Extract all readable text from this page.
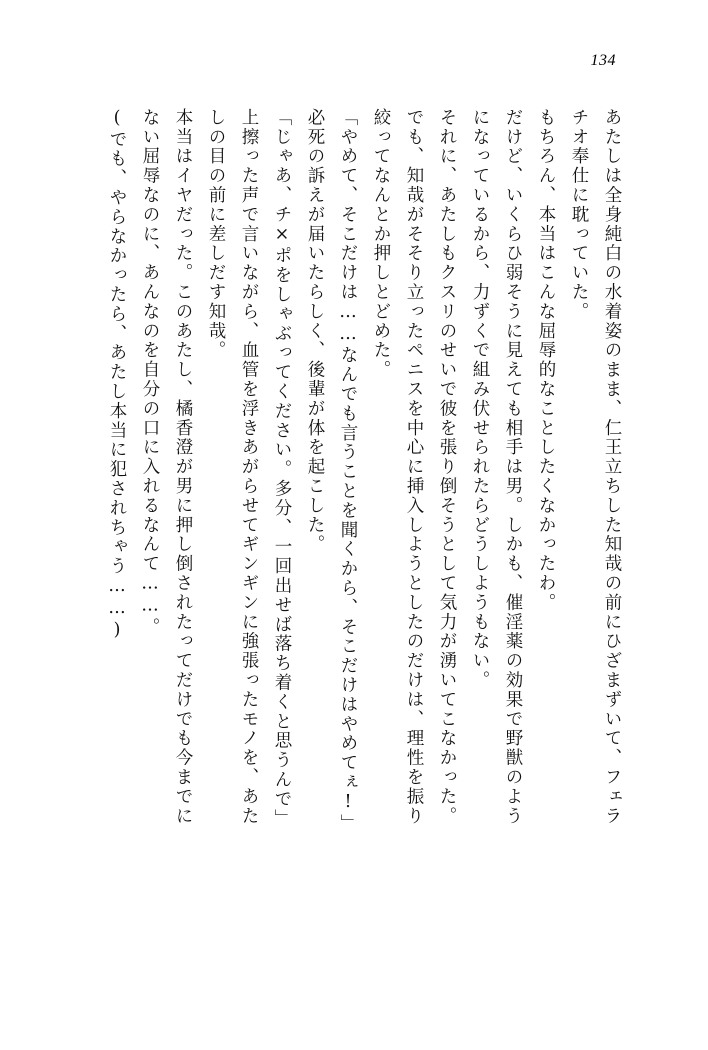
134
あたしは全身純白の水着姿のまま、仁王立ちした知哉の前にひざまずいて、フェラ
チオ奉仕に耽っていた。
もちろん、本当はこんな屈辱的なことしたくなかったわ。
だけど、いくらひ弱そうに見えても相手は男。しかも、催淫薬の効果で野獣のよう
になっているから、力ずくで組み伏せられたらどうしようもない。
それに、あたしもクスリのせいで彼を張り倒そうとして気力が湧いてこなかった。
でも、知哉がそそり立ったペニスを中心に挿入しようとしたのだけは、理性を振り
絞ってなんとか押しとどめた。
「やめて、そこだけは……なんでも言うことを聞くから、そこだけはやめてぇ!」
必死の訴えが届いたらしく、後輩が体を起こした。
「じゃあ、チ×ポをしゃぶってください。多分、一回出せば落ち着くと思うんで」
上擦った声で言いながら、血管を浮きあがらせてギンギンに強張ったモノを、あた
しの目の前に差しだす知哉。
本当はイヤだった。このあたし、橘香澄が男に押し倒されたってだけでも今までに
ない屈辱なのに、あんなのを自分の口に入れるなんて……。
(でも、やらなかったら、あたし本当に犯されちゃう……)
